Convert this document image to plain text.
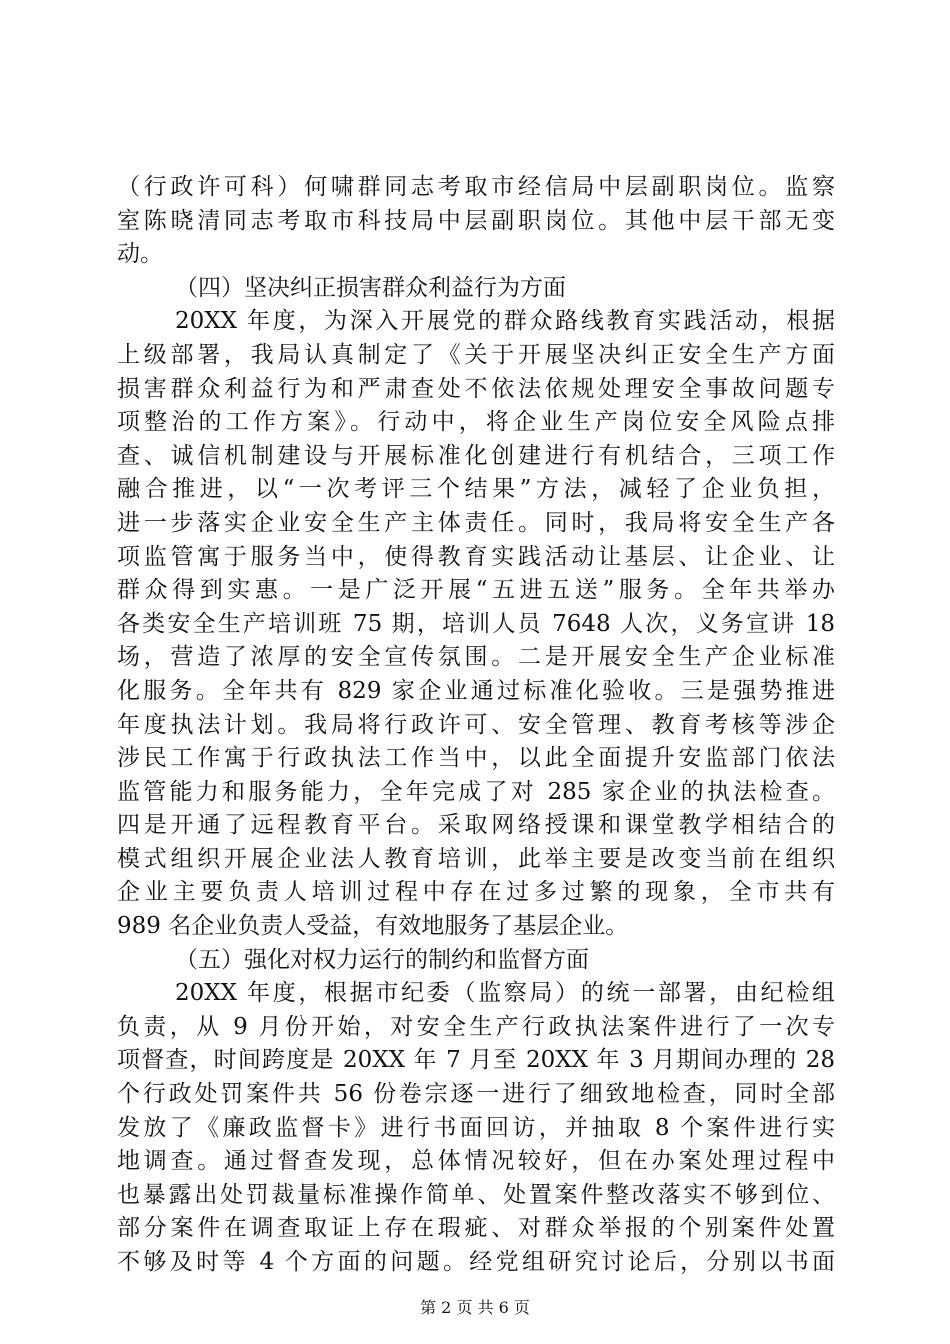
（行政许可科）何啸群同志考取市经信局中层副职岗位。监察
室陈晓清同志考取市科技局中层副职岗位。其他中层干部无变
动。
（四）坚决纠正损害群众利益行为方面
20XX 年度，为深入开展党的群众路线教育实践活动，根据
上级部署，我局认真制定了《关于开展坚决纠正安全生产方面
损害群众利益行为和严肃查处不依法依规处理安全事故问题专
项整治的工作方案》。行动中，将企业生产岗位安全风险点排
查、诚信机制建设与开展标准化创建进行有机结合，三项工作
融合推进，以“一次考评三个结果”方法，减轻了企业负担，
进一步落实企业安全生产主体责任。同时，我局将安全生产各
项监管寓于服务当中，使得教育实践活动让基层、让企业、让
群众得到实惠。一是广泛开展“五进五送”服务。全年共举办
各类安全生产培训班 75 期，培训人员 7648 人次，义务宣讲 18
场，营造了浓厚的安全宣传氛围。二是开展安全生产企业标准
化服务。全年共有 829 家企业通过标准化验收。三是强势推进
年度执法计划。我局将行政许可、安全管理、教育考核等涉企
涉民工作寓于行政执法工作当中，以此全面提升安监部门依法
监管能力和服务能力，全年完成了对 285 家企业的执法检查。
四是开通了远程教育平台。采取网络授课和课堂教学相结合的
模式组织开展企业法人教育培训，此举主要是改变当前在组织
企业主要负责人培训过程中存在过多过繁的现象，全市共有
989 名企业负责人受益，有效地服务了基层企业。
（五）强化对权力运行的制约和监督方面
20XX 年度，根据市纪委（监察局）的统一部署，由纪检组
负责，从 9 月份开始，对安全生产行政执法案件进行了一次专
项督查，时间跨度是 20XX 年 7 月至 20XX 年 3 月期间办理的 28
个行政处罚案件共 56 份卷宗逐一进行了细致地检查，同时全部
发放了《廉政监督卡》进行书面回访，并抽取 8 个案件进行实
地调查。通过督查发现，总体情况较好，但在办案处理过程中
也暴露出处罚裁量标准操作简单、处置案件整改落实不够到位、
部分案件在调查取证上存在瑕疵、对群众举报的个别案件处置
不够及时等 4 个方面的问题。经党组研究讨论后，分别以书面
第 2 页 共 6 页
